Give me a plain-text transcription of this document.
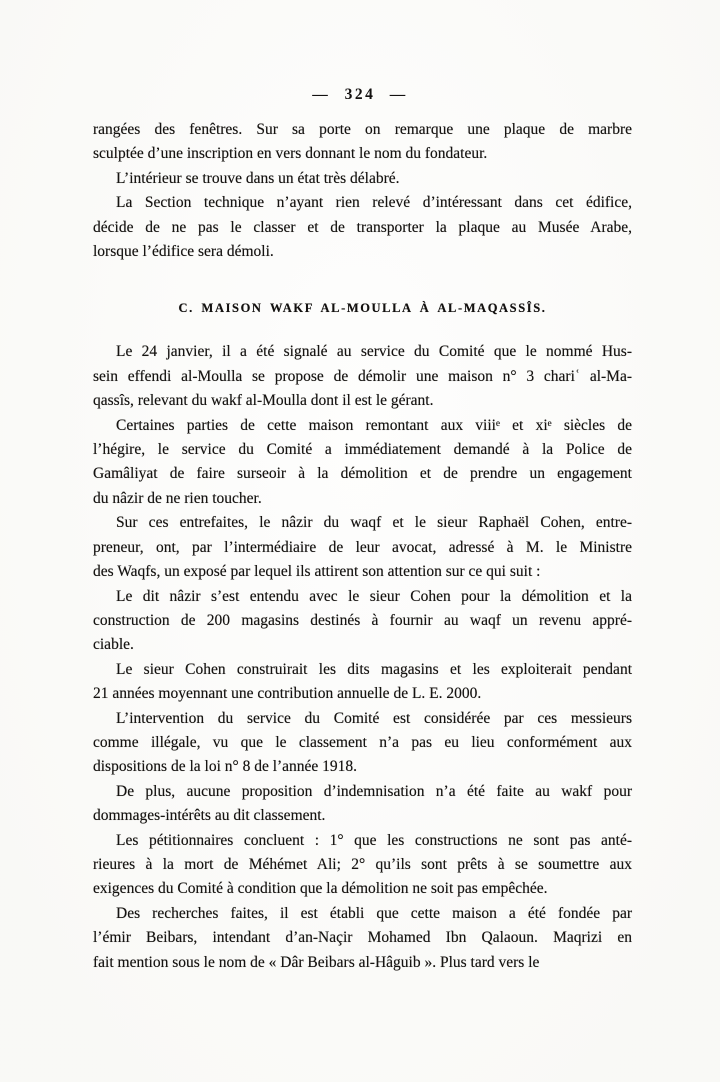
— 324 —
rangées des fenêtres. Sur sa porte on remarque une plaque de marbre
sculptée d’une inscription en vers donnant le nom du fondateur.
L’intérieur se trouve dans un état très délabré.
La Section technique n’ayant rien relevé d’intéressant dans cet édifice,
décide de ne pas le classer et de transporter la plaque au Musée Arabe,
lorsque l’édifice sera démoli.
C. MAISON WAKF AL-MOULLA À AL-MAQASSÎS.
Le 24 janvier, il a été signalé au service du Comité que le nommé Hus-
sein effendi al-Moulla se propose de démolir une maison n° 3 chariʿ al-Ma-
qassîs, relevant du wakf al-Moulla dont il est le gérant.
Certaines parties de cette maison remontant aux viiiᵉ et xiᵉ siècles de
l’hégire, le service du Comité a immédiatement demandé à la Police de
Gamâliyat de faire surseoir à la démolition et de prendre un engagement
du nâzir de ne rien toucher.
Sur ces entrefaites, le nâzir du waqf et le sieur Raphaël Cohen, entre-
preneur, ont, par l’intermédiaire de leur avocat, adressé à M. le Ministre
des Waqfs, un exposé par lequel ils attirent son attention sur ce qui suit :
Le dit nâzir s’est entendu avec le sieur Cohen pour la démolition et la
construction de 200 magasins destinés à fournir au waqf un revenu appré-
ciable.
Le sieur Cohen construirait les dits magasins et les exploiterait pendant
21 années moyennant une contribution annuelle de L. E. 2000.
L’intervention du service du Comité est considérée par ces messieurs
comme illégale, vu que le classement n’a pas eu lieu conformément aux
dispositions de la loi n° 8 de l’année 1918.
De plus, aucune proposition d’indemnisation n’a été faite au wakf pour
dommages-intérêts au dit classement.
Les pétitionnaires concluent : 1° que les constructions ne sont pas anté-
rieures à la mort de Méhémet Ali; 2° qu’ils sont prêts à se soumettre aux
exigences du Comité à condition que la démolition ne soit pas empêchée.
Des recherches faites, il est établi que cette maison a été fondée par
l’émir Beibars, intendant d’an-Naçir Mohamed Ibn Qalaoun. Maqrizi en
fait mention sous le nom de « Dâr Beibars al-Hâguib ». Plus tard vers le
